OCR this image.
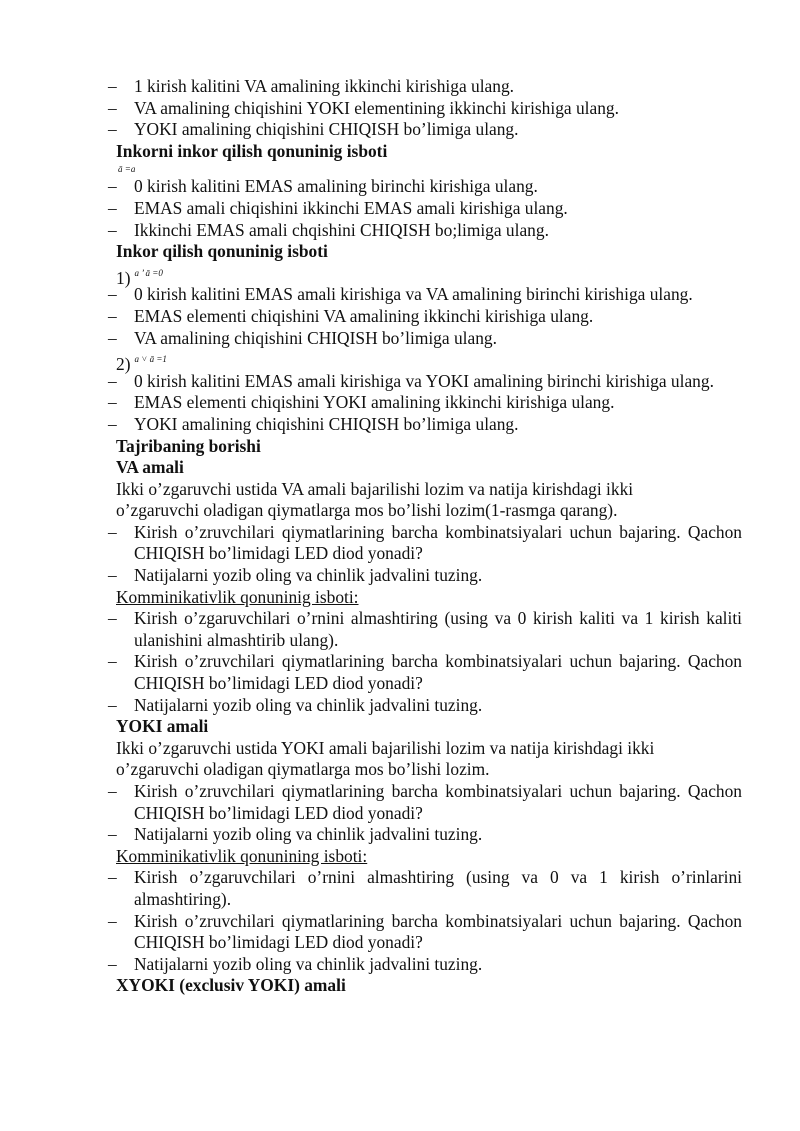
– 1 kirish kalitini VA amalining ikkinchi kirishiga ulang.
– VA amalining chiqishini YOKI elementining ikkinchi kirishiga ulang.
– YOKI amalining chiqishini CHIQISH bo’limiga ulang.
Inkorni inkor qilish qonuninig isboti
ā =a
– 0 kirish kalitini EMAS amalining birinchi kirishiga ulang.
– EMAS amali chiqishini ikkinchi EMAS amali kirishiga ulang.
– Ikkinchi EMAS amali chqishini CHIQISH bo;limiga ulang.
Inkor qilish qonuninig isboti
1) $^{a ’ ā =0}$
– 0 kirish kalitini EMAS amali kirishiga va VA amalining birinchi kirishiga ulang.
– EMAS elementi chiqishini VA amalining ikkinchi kirishiga ulang.
– VA amalining chiqishini CHIQISH bo’limiga ulang.
2) $^{a ˅ ā =1}$
– 0 kirish kalitini EMAS amali kirishiga va YOKI amalining birinchi kirishiga ulang.
– EMAS elementi chiqishini YOKI amalining ikkinchi kirishiga ulang.
– YOKI amalining chiqishini CHIQISH bo’limiga ulang.
Tajribaning borishi
VA amali
Ikki o’zgaruvchi ustida VA amali bajarilishi lozim va natija kirishdagi ikki
o’zgaruvchi oladigan qiymatlarga mos bo’lishi lozim(1-rasmga qarang).
– Kirish o’zruvchilari qiymatlarining barcha kombinatsiyalari uchun bajaring. Qachon CHIQISH bo’limidagi LED diod yonadi?
– Natijalarni yozib oling va chinlik jadvalini tuzing.
Komminikativlik qonuninig isboti:
– Kirish o’zgaruvchilari o’rnini almashtiring (using va 0 kirish kaliti va 1 kirish kaliti ulanishini almashtirib ulang).
– Kirish o’zruvchilari qiymatlarining barcha kombinatsiyalari uchun bajaring. Qachon CHIQISH bo’limidagi LED diod yonadi?
– Natijalarni yozib oling va chinlik jadvalini tuzing.
YOKI amali
Ikki o’zgaruvchi ustida YOKI amali bajarilishi lozim va natija kirishdagi ikki
o’zgaruvchi oladigan qiymatlarga mos bo’lishi lozim.
– Kirish o’zruvchilari qiymatlarining barcha kombinatsiyalari uchun bajaring. Qachon CHIQISH bo’limidagi LED diod yonadi?
– Natijalarni yozib oling va chinlik jadvalini tuzing.
Komminikativlik qonunining isboti:
– Kirish o’zgaruvchilari o’rnini almashtiring (using va 0 va 1 kirish o’rinlarini almashtiring).
– Kirish o’zruvchilari qiymatlarining barcha kombinatsiyalari uchun bajaring. Qachon CHIQISH bo’limidagi LED diod yonadi?
– Natijalarni yozib oling va chinlik jadvalini tuzing.
XYOKI (exclusiv YOKI) amali
